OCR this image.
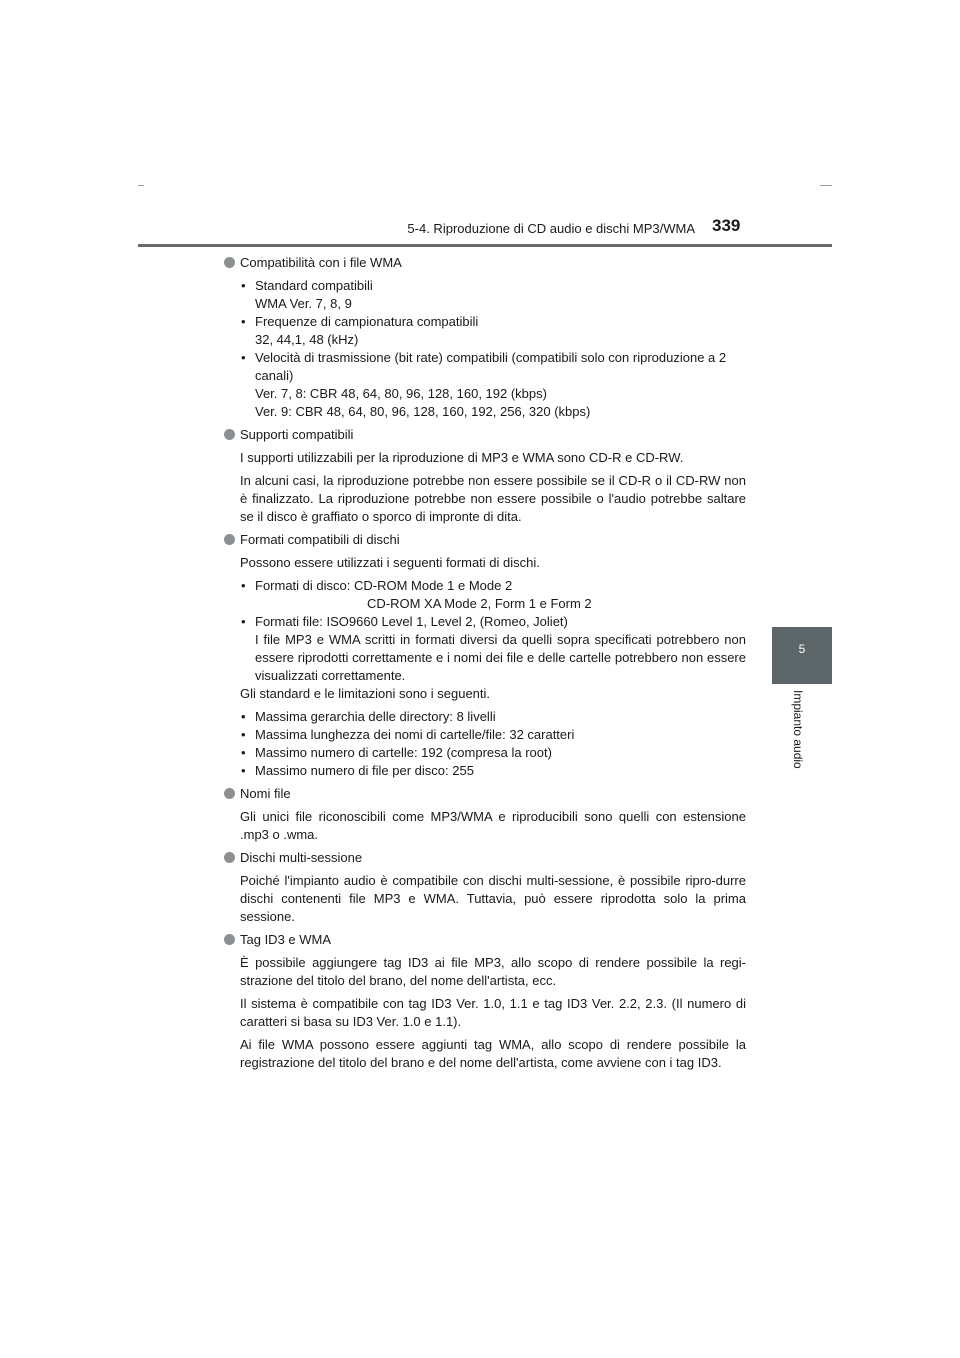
5-4. Riproduzione di CD audio e dischi MP3/WMA 339
5
Impianto audio
Compatibilità con i file WMA
• Standard compatibili
WMA Ver. 7, 8, 9
• Frequenze di campionatura compatibili
32, 44,1, 48 (kHz)
• Velocità di trasmissione (bit rate) compatibili (compatibili solo con riproduzione a 2
canali)
Ver. 7, 8: CBR 48, 64, 80, 96, 128, 160, 192 (kbps)
Ver. 9: CBR 48, 64, 80, 96, 128, 160, 192, 256, 320 (kbps)
Supporti compatibili

I supporti utilizzabili per la riproduzione di MP3 e WMA sono CD-R e CD-RW.

In alcuni casi, la riproduzione potrebbe non essere possibile se il CD-R o il CD-RW non è finalizzato. La riproduzione potrebbe non essere possibile o l'audio potrebbe saltare se il disco è graffiato o sporco di impronte di dita.

Formati compatibili di dischi

Possono essere utilizzati i seguenti formati di dischi.

• Formati di disco: CD-ROM Mode 1 e Mode 2
CD-ROM XA Mode 2, Form 1 e Form 2
• Formati file: ISO9660 Level 1, Level 2, (Romeo, Joliet)
I file MP3 e WMA scritti in formati diversi da quelli sopra specificati potrebbero non essere riprodotti correttamente e i nomi dei file e delle cartelle potrebbero non essere visualizzati correttamente.

Gli standard e le limitazioni sono i seguenti.

• Massima gerarchia delle directory: 8 livelli
• Massima lunghezza dei nomi di cartelle/file: 32 caratteri
• Massimo numero di cartelle: 192 (compresa la root)
• Massimo numero di file per disco: 255
Nomi file

Gli unici file riconoscibili come MP3/WMA e riproducibili sono quelli con estensione .mp3 o .wma.

Dischi multi-sessione

Poiché l'impianto audio è compatibile con dischi multi-sessione, è possibile ripro-durre dischi contenenti file MP3 e WMA. Tuttavia, può essere riprodotta solo la prima sessione.

Tag ID3 e WMA

È possibile aggiungere tag ID3 ai file MP3, allo scopo di rendere possibile la regi-strazione del titolo del brano, del nome dell'artista, ecc.

Il sistema è compatibile con tag ID3 Ver. 1.0, 1.1 e tag ID3 Ver. 2.2, 2.3. (Il numero di caratteri si basa su ID3 Ver. 1.0 e 1.1).

Ai file WMA possono essere aggiunti tag WMA, allo scopo di rendere possibile la registrazione del titolo del brano e del nome dell'artista, come avviene con i tag ID3.
